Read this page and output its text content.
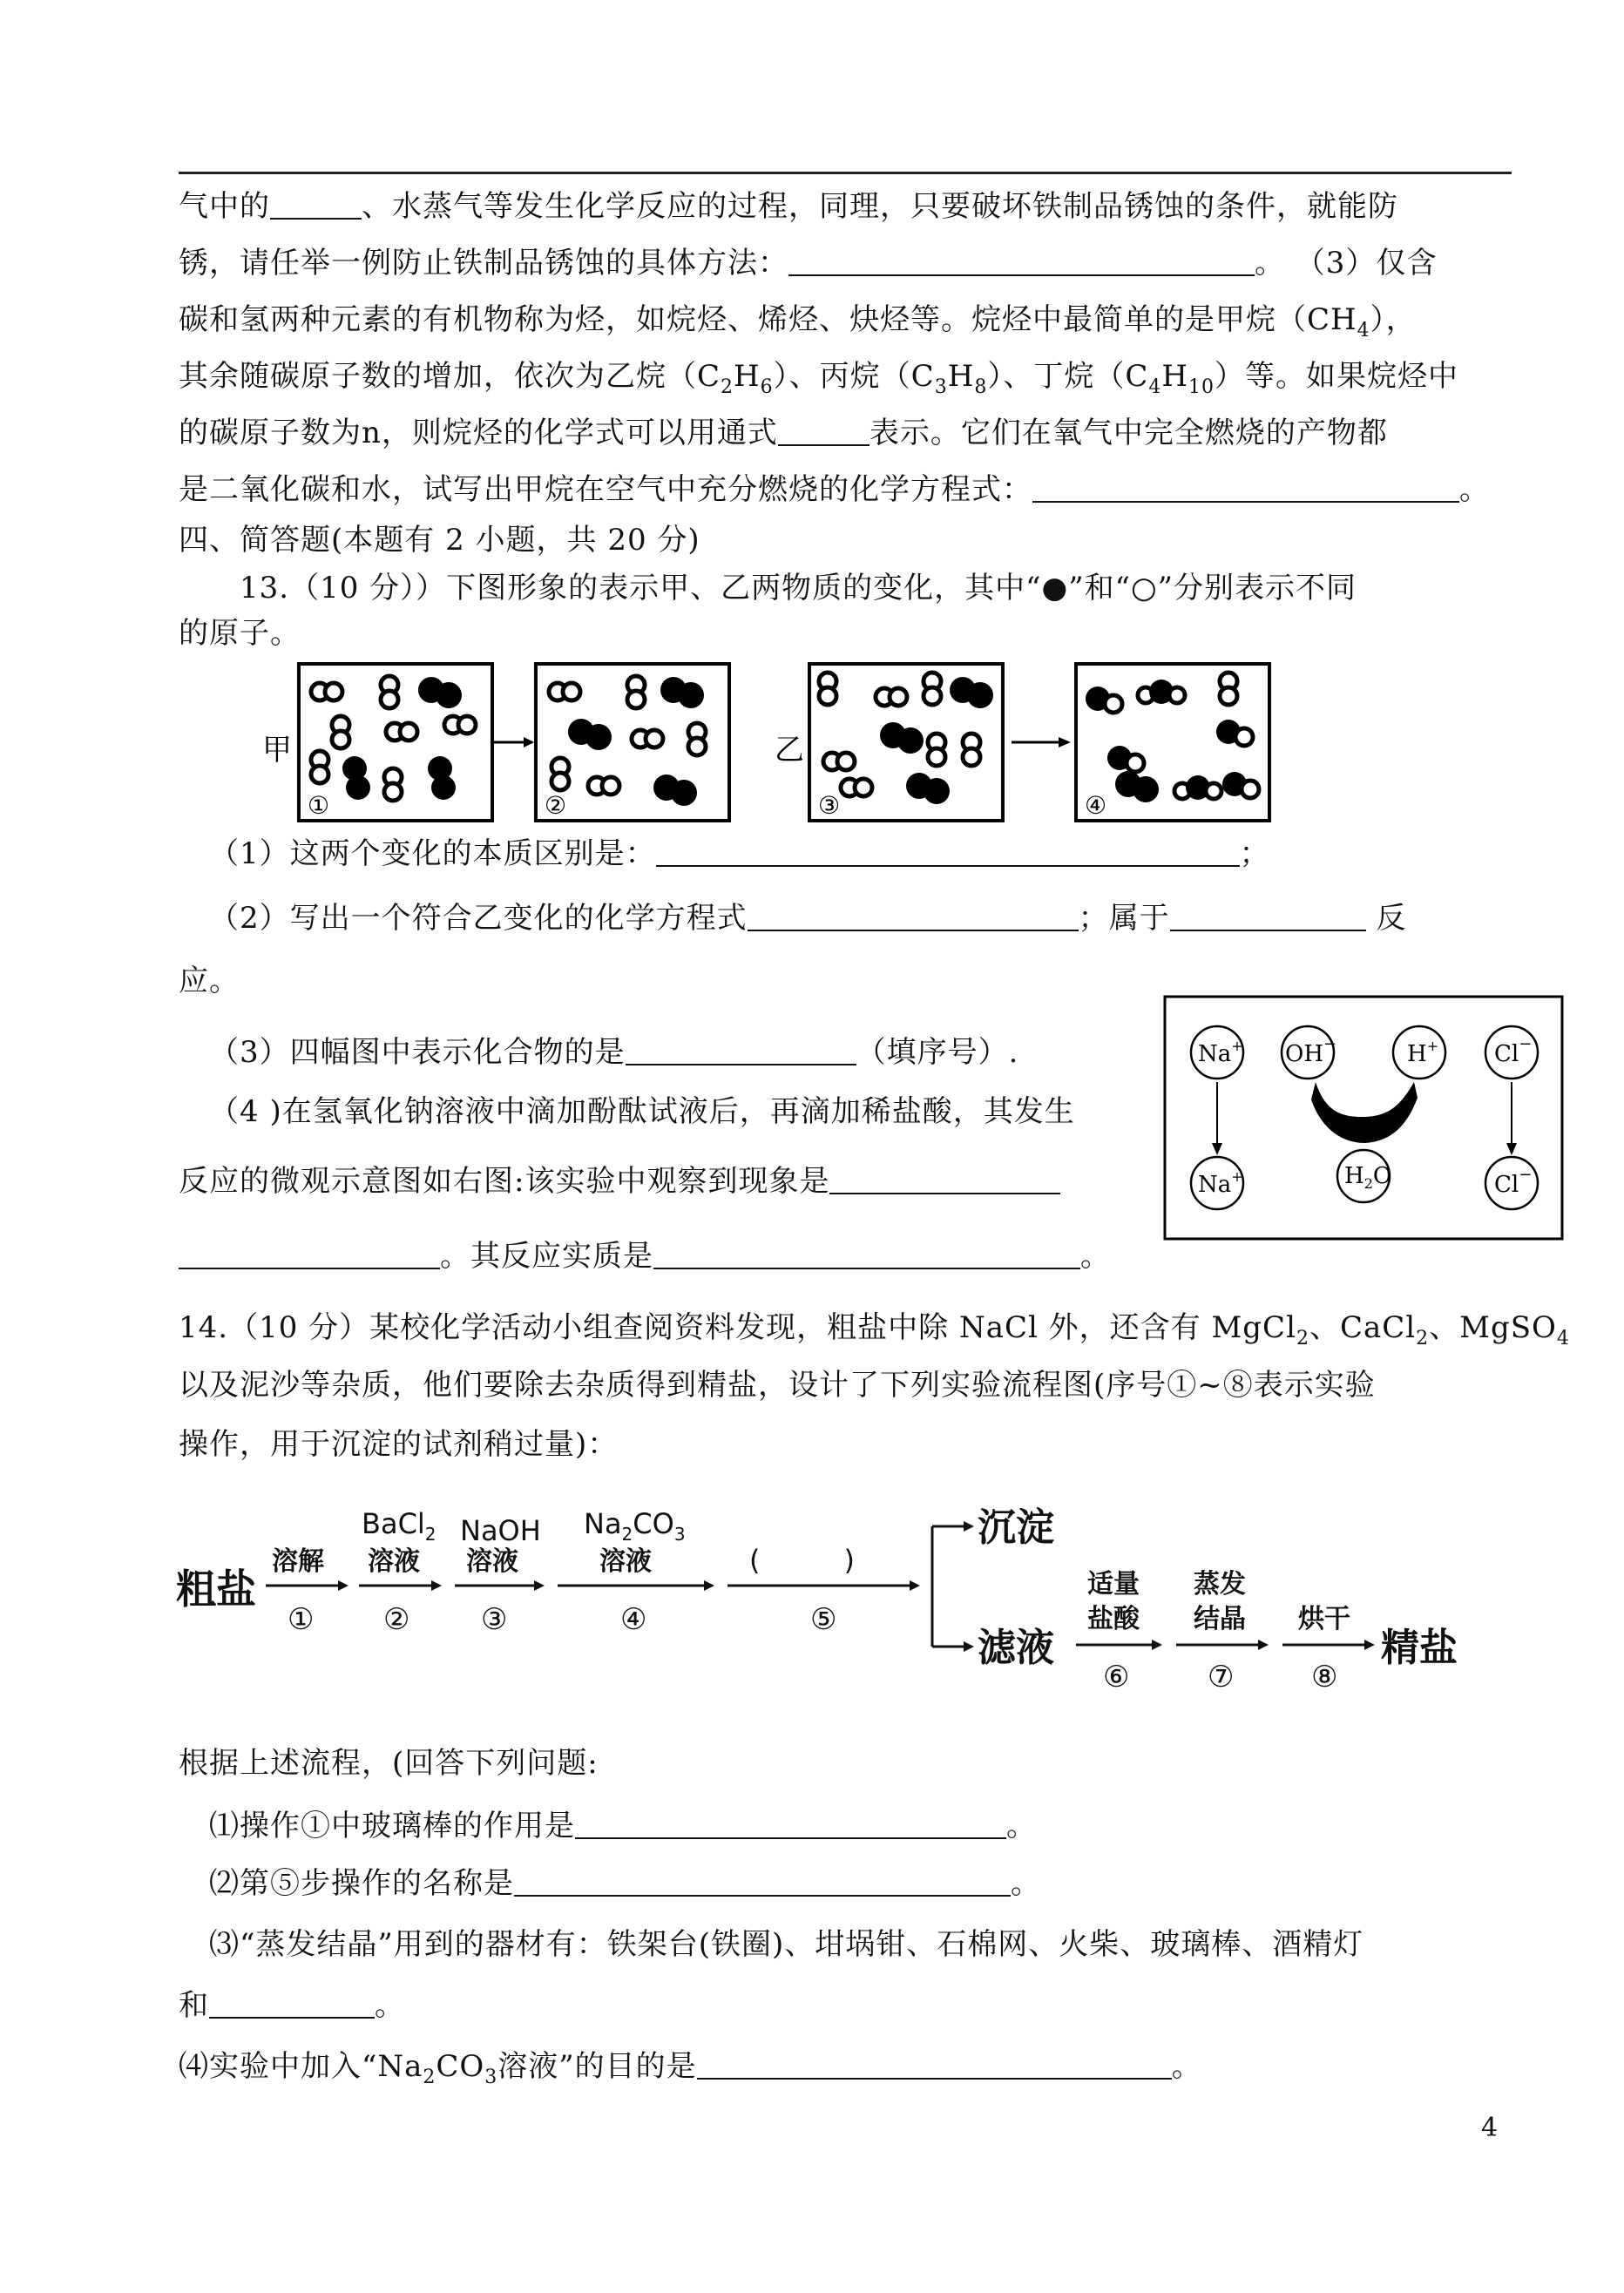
气中的	、水蒸气等发生化学反应的过程，同理，只要破坏铁制品锈蚀的条件，就能防
锈，请任举一例防止铁制品锈蚀的具体方法：	。 （3）仅含
碳和氢两种元素的有机物称为烃，如烷烃、烯烃、炔烃等。烷烃中最简单的是甲烷$(CH_4)$，
其余随碳原子数的增加，依次为乙烷$(C_2H_6)$、丙烷$(C_3H_8)$、丁烷$(C_4H_{10})$等。如果烷烃中
的碳原子数为n，则烷烃的化学式可以用通式	表示。它们在氧气中完全燃烧的产物都
是二氧化碳和水，试写出甲烷在空气中充分燃烧的化学方程式：	。
四、简答题(本题有 2 小题，共 20 分)
13.（10 分））下图形象的表示甲、乙两物质的变化，其中“●”和“○”分别表示不同
的原子。
甲	乙
①	②	③	④
（1）这两个变化的本质区别是：	；
（2）写出一个符合乙变化的化学方程式	；属于	反
应。
（3）四幅图中表示化合物的是	（填序号）.
（4 )在氢氧化钠溶液中滴加酚酞试液后，再滴加稀盐酸，其发生
反应的微观示意图如右图:该实验中观察到现象是
。其反应实质是	。
Na+ OH−	H+ Cl−
Na+	$H_2O$	Cl−
14.（10 分）某校化学活动小组查阅资料发现，粗盐中除 NaCl 外，还含有 MgCl$_2$、CaCl$_2$、MgSO$_4$
以及泥沙等杂质，他们要除去杂质得到精盐，设计了下列实验流程图(序号①~⑧表示实验
操作，用于沉淀的试剂稍过量)：
粗盐
溶解
①
BaCl$_2$
溶液
②
NaOH
溶液
③
$Na_2CO_3$
溶液
④
(　　　)
⑤
沉淀
滤液
适量
盐酸
⑥
蒸发
结晶
⑦
烘干
⑧
精盐
根据上述流程，(回答下列问题:
⑴操作①中玻璃棒的作用是	。
⑵第⑤步操作的名称是	。
⑶“蒸发结晶”用到的器材有：铁架台(铁圈)、坩埚钳、石棉网、火柴、玻璃棒、酒精灯
和	。
⑷实验中加入“$Na_2CO_3$溶液”的目的是	。
4
